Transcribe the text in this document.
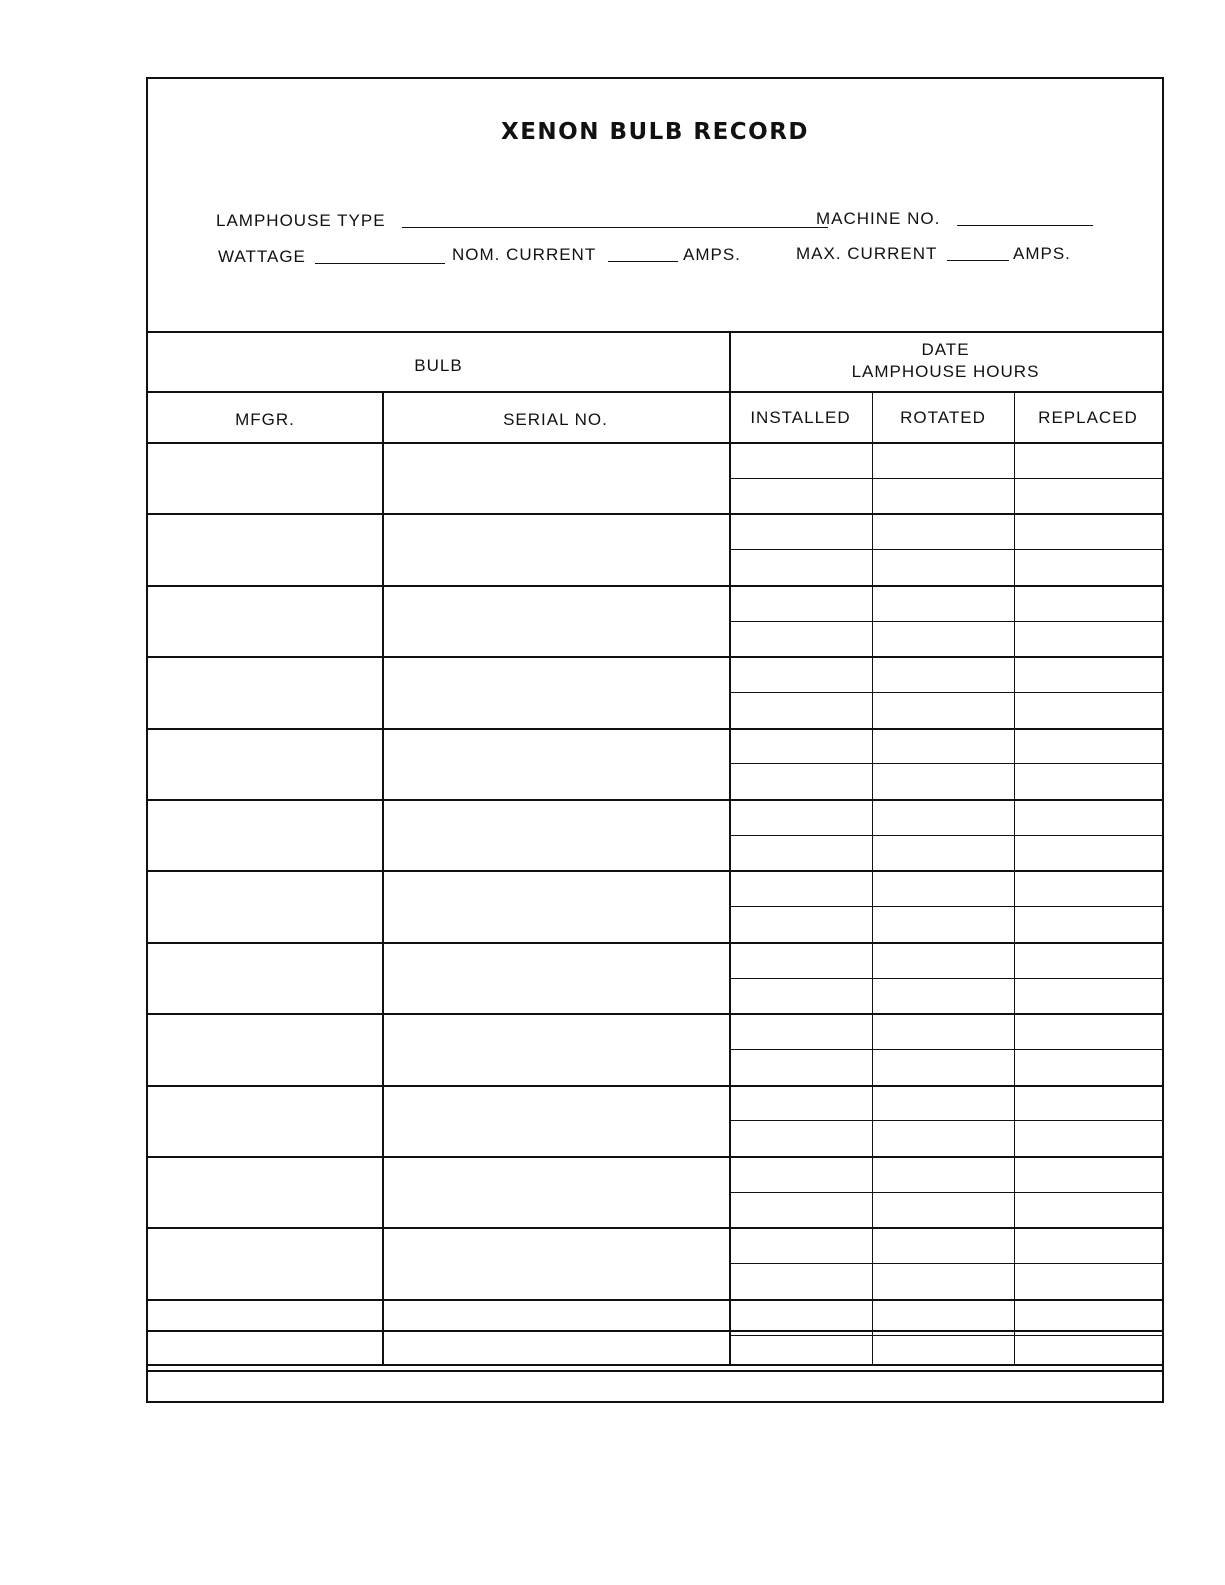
XENON BULB RECORD
LAMPHOUSE TYPE	MACHINE NO.
WATTAGE	NOM. CURRENT	AMPS.	MAX. CURRENT	AMPS.
BULB
DATE
LAMPHOUSE HOURS
MFGR.	SERIAL NO.	INSTALLED	ROTATED	REPLACED
